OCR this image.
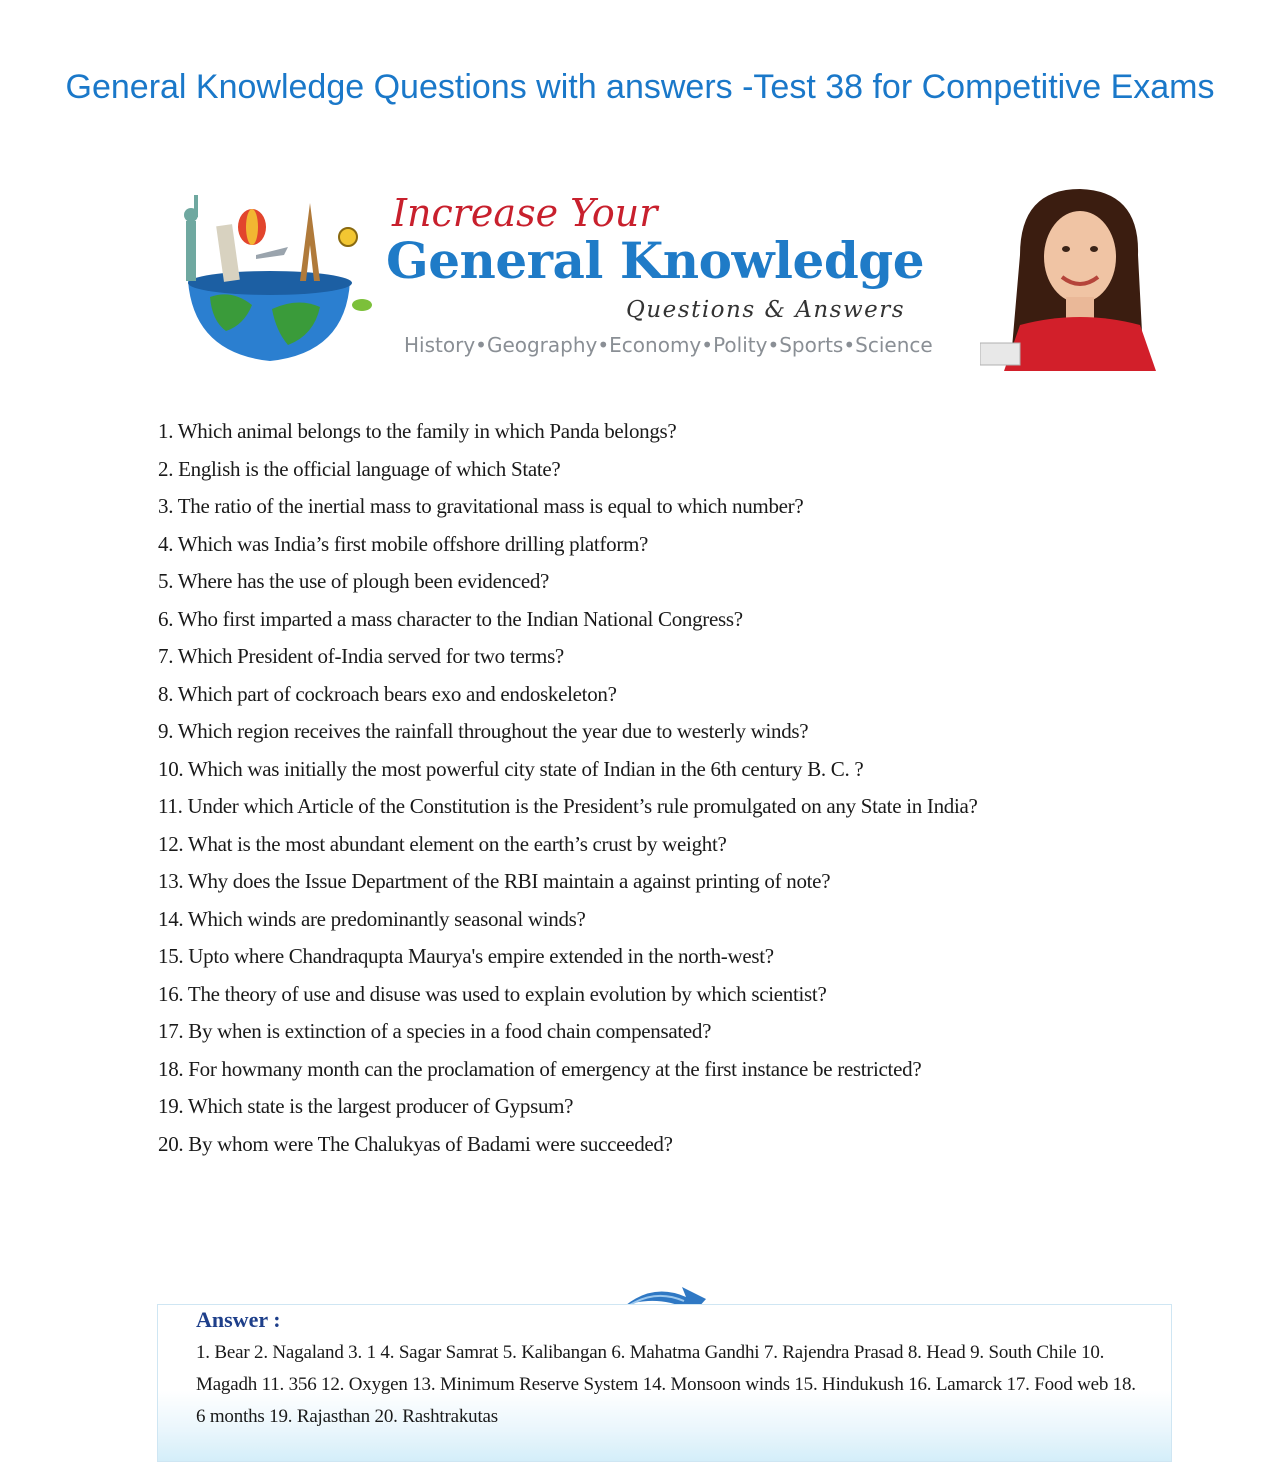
General Knowledge Questions with answers -Test 38 for Competitive Exams
Increase Your
General Knowledge
Questions & Answers
History•Geography•Economy•Polity•Sports•Science
1. Which animal belongs to the family in which Panda belongs?
2. English is the official language of which State?
3. The ratio of the inertial mass to gravitational mass is equal to which number?
4. Which was India’s first mobile offshore drilling platform?
5. Where has the use of plough been evidenced?
6. Who first imparted a mass character to the Indian National Congress?
7. Which President of-India served for two terms?
8. Which part of cockroach bears exo and endoskeleton?
9. Which region receives the rainfall throughout the year due to westerly winds?
10. Which was initially the most powerful city state of Indian in the 6th century B. C. ?
11. Under which Article of the Constitution is the President’s rule promulgated on any State in India?
12. What is the most abundant element on the earth’s crust by weight?
13. Why does the Issue Department of the RBI maintain a against printing of note?
14. Which winds are predominantly seasonal winds?
15. Upto where Chandraqupta Maurya's empire extended in the north-west?
16. The theory of use and disuse was used to explain evolution by which scientist?
17. By when is extinction of a species in a food chain compensated?
18. For howmany month can the proclamation of emergency at the first instance be restricted?
19. Which state is the largest producer of Gypsum?
20. By whom were The Chalukyas of Badami were succeeded?
Answer :
1. Bear 2. Nagaland 3. 1 4. Sagar Samrat 5. Kalibangan 6. Mahatma Gandhi 7. Rajendra Prasad 8. Head 9. South Chile 10. Magadh 11. 356 12. Oxygen 13. Minimum Reserve System 14. Monsoon winds 15. Hindukush 16. Lamarck 17. Food web 18. 6 months 19. Rajasthan 20. Rashtrakutas
